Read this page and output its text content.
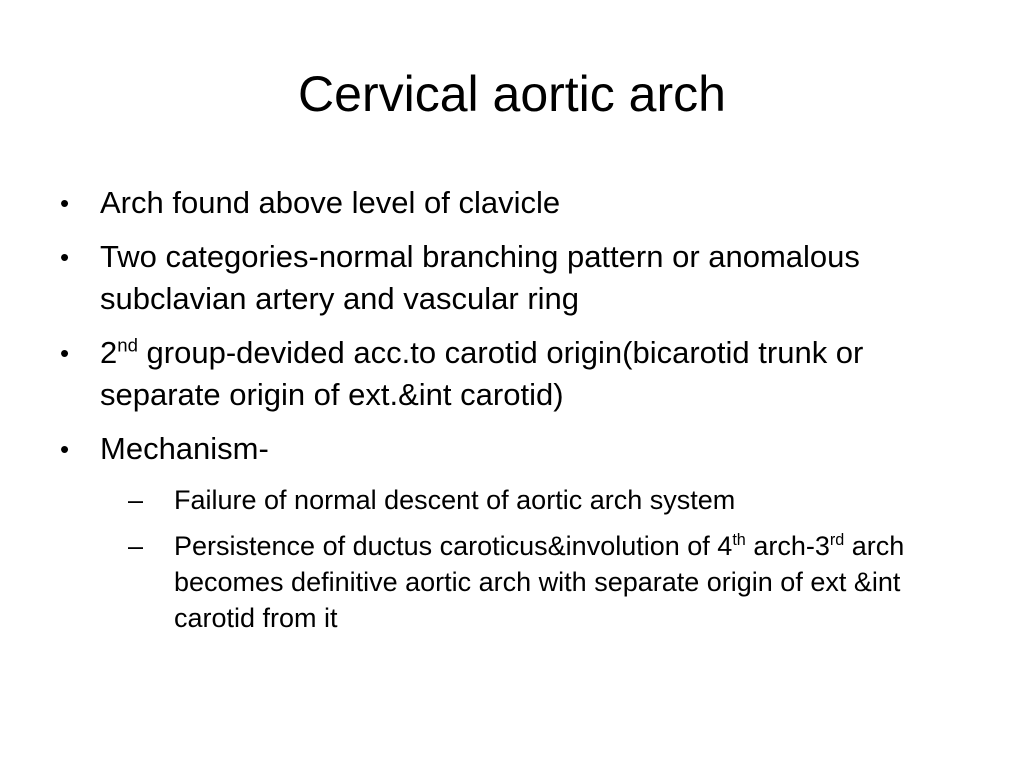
Cervical aortic arch
• Arch found above level of clavicle
• Two categories-normal branching pattern or anomalous subclavian artery and vascular ring
• 2nd group-devided acc.to carotid origin(bicarotid trunk or separate origin of ext.&int carotid)
• Mechanism-
– Failure of normal descent of aortic arch system
– Persistence of ductus caroticus&involution of 4th arch-3rd arch becomes definitive aortic arch with separate origin of ext &int carotid from it
